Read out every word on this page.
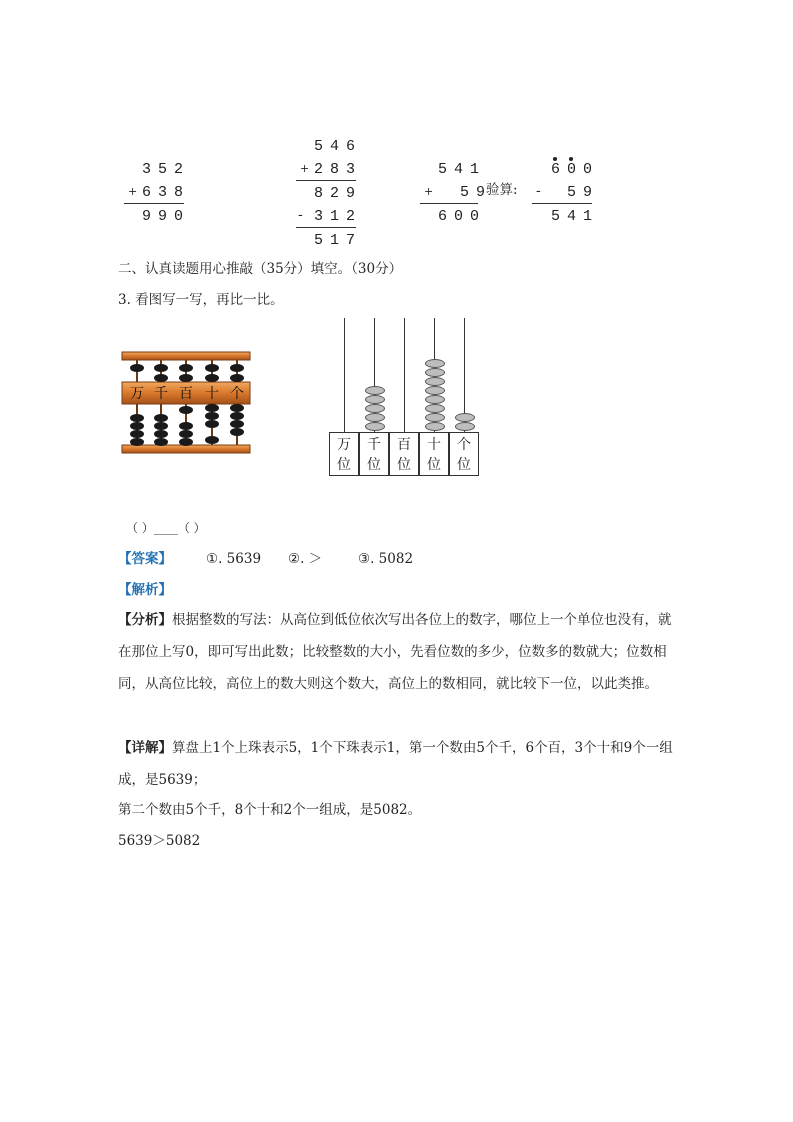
352
+ 638
990
546
+ 283
829
- 312
517
541
+ 59
600
验算:
600
- 59
541
二、认真读题用心推敲（35分）填空。（30分）
3. 看图写一写，再比一比。
万 千 百 十 个
万
位
千
位
百
位
十
位
个
位
（ ）____（ ）
【答案】	①. 5639 ②. ＞	③. 5082
【解析】
【分析】根据整数的写法：从高位到低位依次写出各位上的数字，哪位上一个单位也没有，就在那位上写0，即可写出此数；比较整数的大小，先看位数的多少，位数多的数就大；位数相同，从高位比较，高位上的数大则这个数大，高位上的数相同，就比较下一位，以此类推。
【详解】算盘上1个上珠表示5，1个下珠表示1，第一个数由5个千，6个百，3个十和9个一组成，是5639；
第二个数由5个千，8个十和2个一组成，是5082。
5639＞5082
